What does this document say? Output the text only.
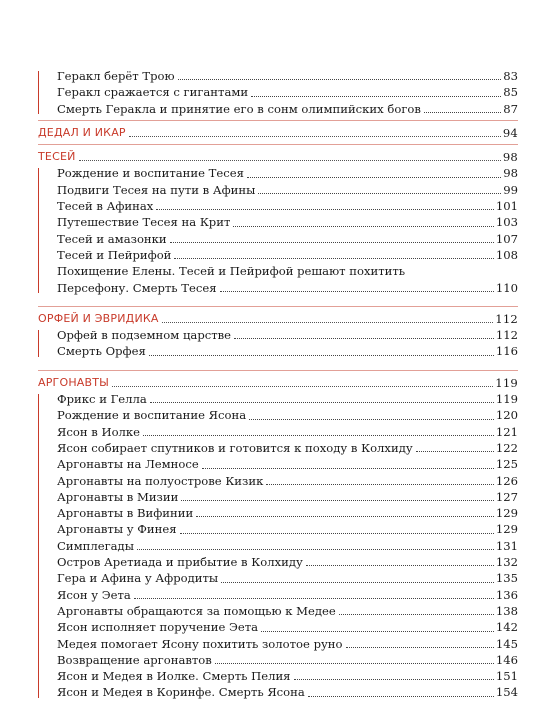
Геракл берёт Трою	83
Геракл сражается с гигантами	85
Смерть Геракла и принятие его в сонм олимпийских богов	87
ДЕДАЛ И ИКАР	94
ТЕСЕЙ	98
Рождение и воспитание Тесея	98
Подвиги Тесея на пути в Афины	99
Тесей в Афинах	101
Путешествие Тесея на Крит	103
Тесей и амазонки	107
Тесей и Пейрифой	108
Похищение Елены. Тесей и Пейрифой решают похитить
Персефону. Смерть Тесея	110
ОРФЕЙ И ЭВРИДИКА	112
Орфей в подземном царстве	112
Смерть Орфея	116
АРГОНАВТЫ	119
Фрикс и Гелла	119
Рождение и воспитание Ясона	120
Ясон в Иолке	121
Ясон собирает спутников и готовится к походу в Колхиду	122
Аргонавты на Лемносе	125
Аргонавты на полуострове Кизик	126
Аргонавты в Мизии	127
Аргонавты в Вифинии	129
Аргонавты у Финея	129
Симплегады	131
Остров Аретиада и прибытие в Колхиду	132
Гера и Афина у Афродиты	135
Ясон у Эета	136
Аргонавты обращаются за помощью к Медее	138
Ясон исполняет поручение Эета	142
Медея помогает Ясону похитить золотое руно	145
Возвращение аргонавтов	146
Ясон и Медея в Иолке. Смерть Пелия	151
Ясон и Медея в Коринфе. Смерть Ясона	154
